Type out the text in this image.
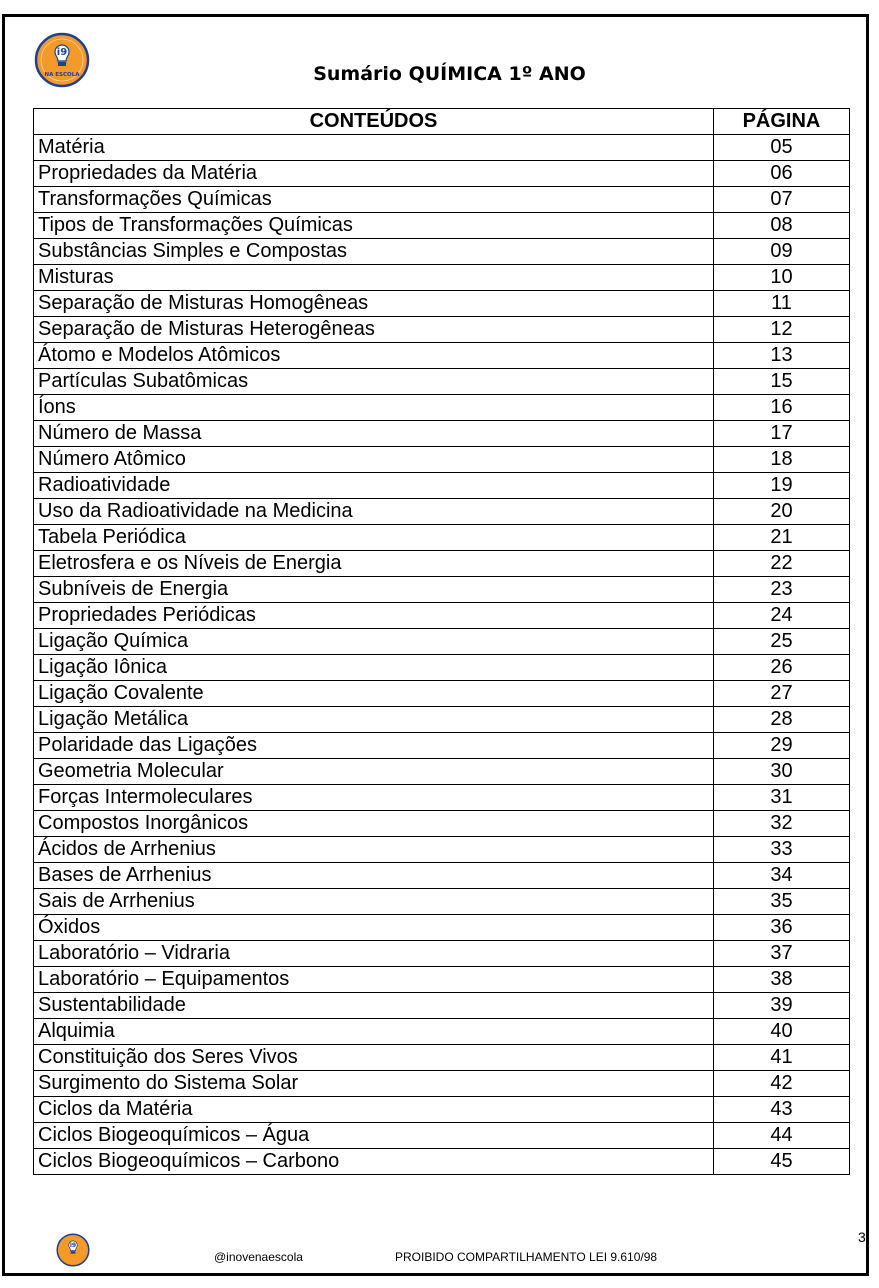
i9
NA ESCOLA	Sumário QUÍMICA 1º ANO
CONTEÚDOS	PÁGINA
Matéria	05
Propriedades da Matéria	06
Transformações Químicas	07
Tipos de Transformações Químicas	08
Substâncias Simples e Compostas	09
Misturas	10
Separação de Misturas Homogêneas	11
Separação de Misturas Heterogêneas	12
Átomo e Modelos Atômicos	13
Partículas Subatômicas	15
Íons	16
Número de Massa	17
Número Atômico	18
Radioatividade	19
Uso da Radioatividade na Medicina	20
Tabela Periódica	21
Eletrosfera e os Níveis de Energia	22
Subníveis de Energia	23
Propriedades Periódicas	24
Ligação Química	25
Ligação Iônica	26
Ligação Covalente	27
Ligação Metálica	28
Polaridade das Ligações	29
Geometria Molecular	30
Forças Intermoleculares	31
Compostos Inorgânicos	32
Ácidos de Arrhenius	33
Bases de Arrhenius	34
Sais de Arrhenius	35
Óxidos	36
Laboratório – Vidraria	37
Laboratório – Equipamentos	38
Sustentabilidade	39
Alquimia	40
Constituição dos Seres Vivos	41
Surgimento do Sistema Solar	42
Ciclos da Matéria	43
Ciclos Biogeoquímicos – Água	44
Ciclos Biogeoquímicos – Carbono	45
i9
@inovenaescola	PROIBIDO COMPARTILHAMENTO LEI 9.610/98
3
